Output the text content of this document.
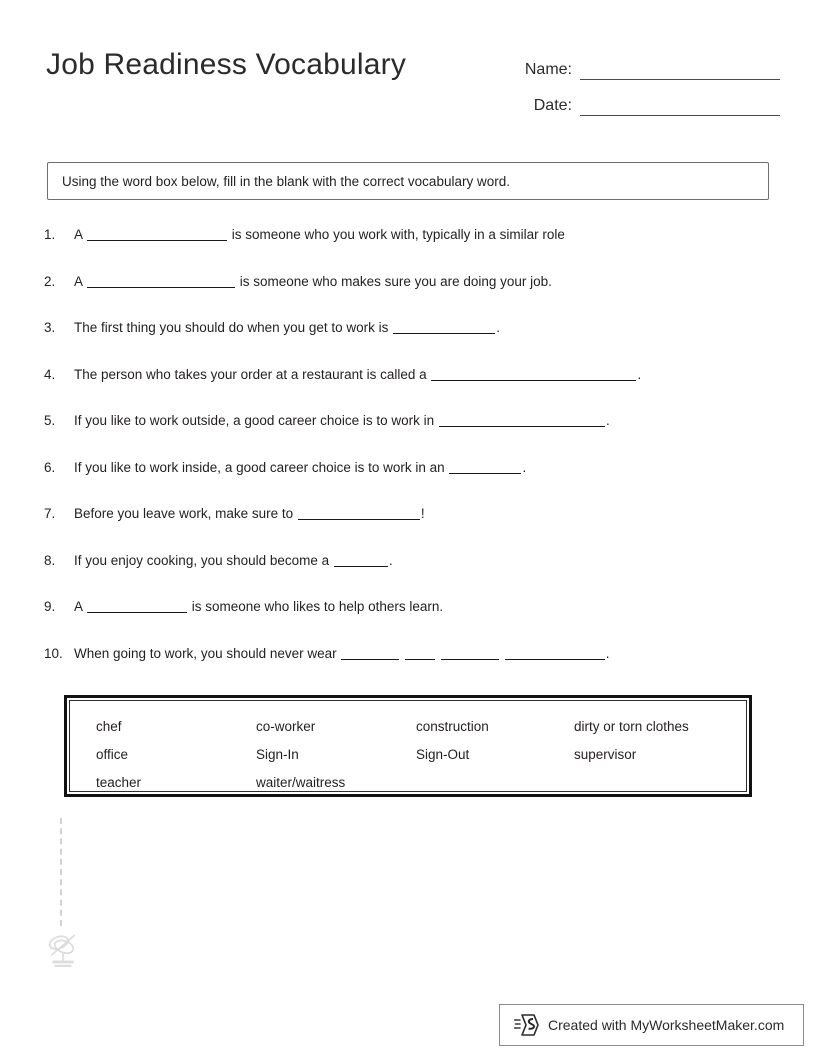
Job Readiness Vocabulary	Name:
Date:
Using the word box below, fill in the blank with the correct vocabulary word.
1.	A	is someone who you work with, typically in a similar role
2.	A	is someone who makes sure you are doing your job.
3.	The first thing you should do when you get to work is	.
4.	The person who takes your order at a restaurant is called a	.
5.	If you like to work outside, a good career choice is to work in	.
6.	If you like to work inside, a good career choice is to work in an	.
7.	Before you leave work, make sure to	!
8.	If you enjoy cooking, you should become a	.
9.	A	is someone who likes to help others learn.
10. When going to work, you should never wear	.
chef	co-worker	construction	dirty or torn clothes
office	Sign-In	Sign-Out	supervisor
teacher	waiter/waitress
Created with MyWorksheetMaker.com
